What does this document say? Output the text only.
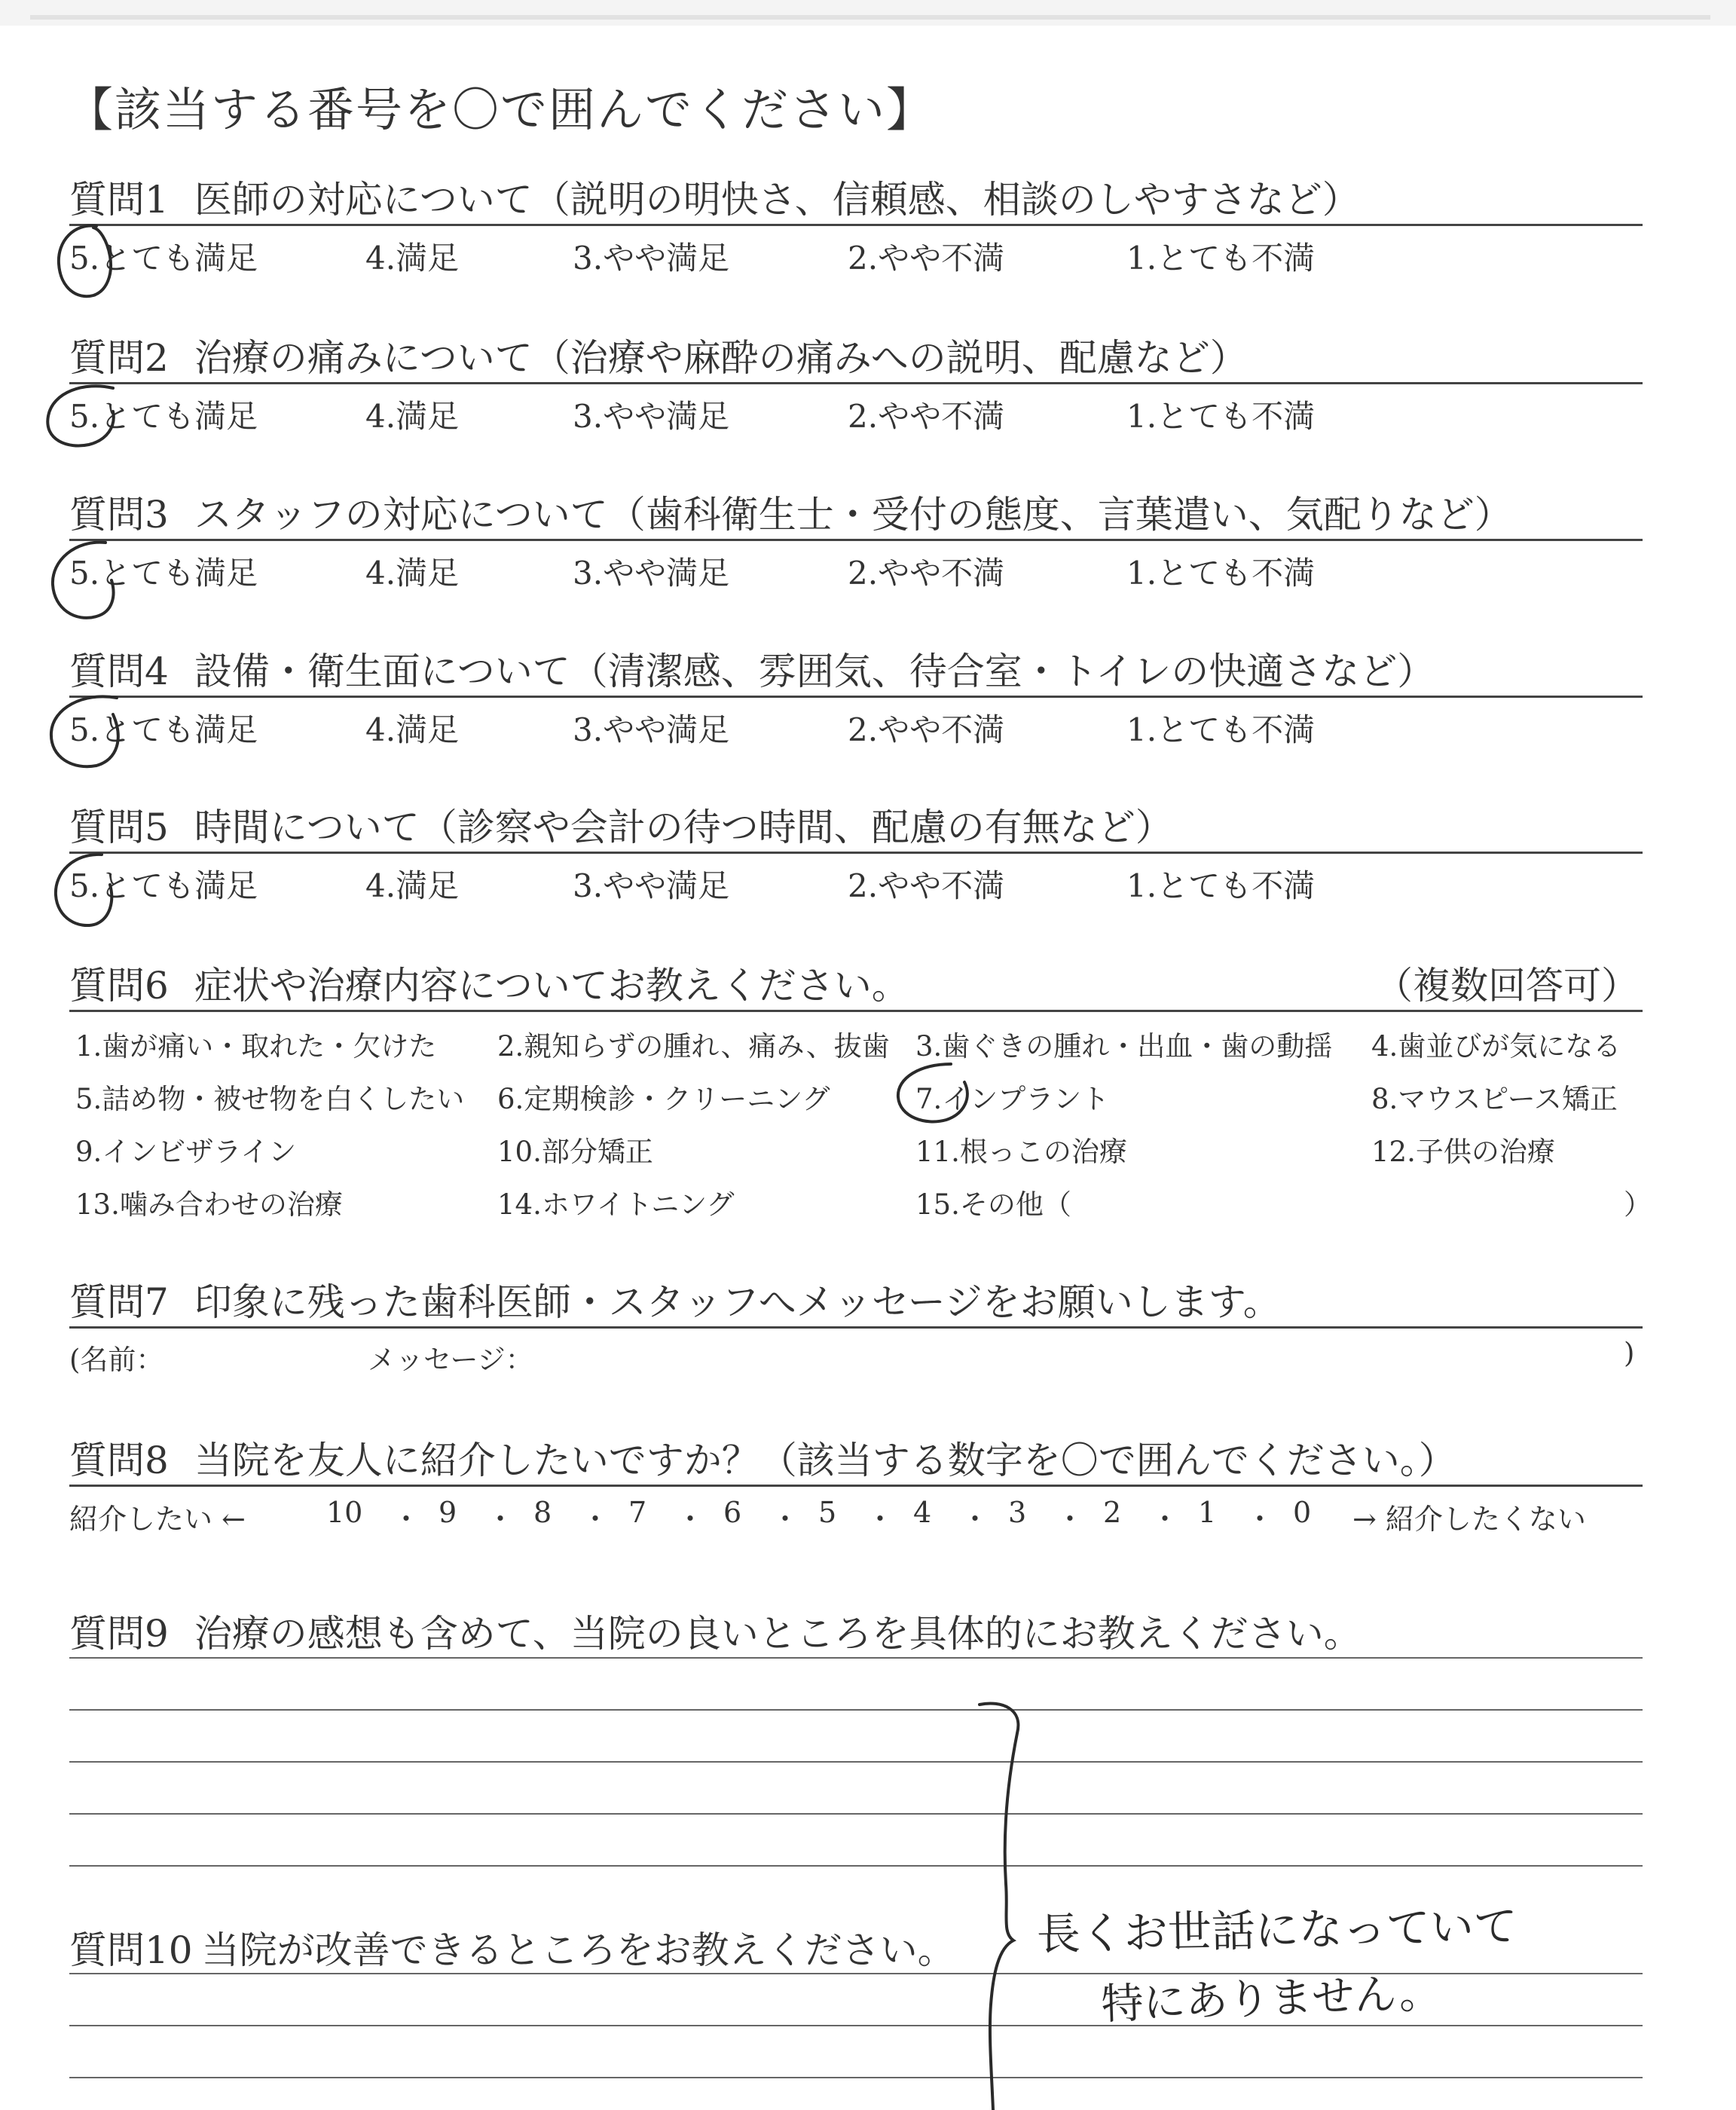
【該当する番号を〇で囲んでください】
質問1 医師の対応について（説明の明快さ、信頼感、相談のしやすさなど）
5.とても満足	4.満足	3.やや満足	2.やや不満	1.とても不満
質問2 治療の痛みについて（治療や麻酔の痛みへの説明、配慮など）
5.とても満足	4.満足	3.やや満足	2.やや不満	1.とても不満
質問3 スタッフの対応について（歯科衛生士・受付の態度、言葉遣い、気配りなど）
5.とても満足	4.満足	3.やや満足	2.やや不満	1.とても不満
質問4 設備・衛生面について（清潔感、雰囲気、待合室・トイレの快適さなど）
5.とても満足	4.満足	3.やや満足	2.やや不満	1.とても不満
質問5 時間について（診察や会計の待つ時間、配慮の有無など）
5.とても満足	4.満足	3.やや満足	2.やや不満	1.とても不満
質問6 症状や治療内容についてお教えください。	（複数回答可）
1.歯が痛い・取れた・欠けた 2.親知らずの腫れ、痛み、抜歯 3.歯ぐきの腫れ・出血・歯の動揺 4.歯並びが気になる
5.詰め物・被せ物を白くしたい 6.定期検診・クリーニング	7.インプラント	8.マウスピース矯正
9.インビザライン	10.部分矯正	11.根っこの治療	12.子供の治療
13.噛み合わせの治療	14.ホワイトニング	15.その他（	）
質問7 印象に残った歯科医師・スタッフへメッセージをお願いします。
(名前：	メッセージ：	)
質問8 当院を友人に紹介したいですか？（該当する数字を〇で囲んでください。）
紹介したい ←	→ 紹介したくない
10 ・ 9 ・ 8 ・ 7 ・ 6 ・ 5 ・ 4 ・ 3 ・ 2 ・ 1 ・ 0
質問9 治療の感想も含めて、当院の良いところを具体的にお教えください。
質問10 当院が改善できるところをお教えください。 長くお世話になっていて
特にありません。
